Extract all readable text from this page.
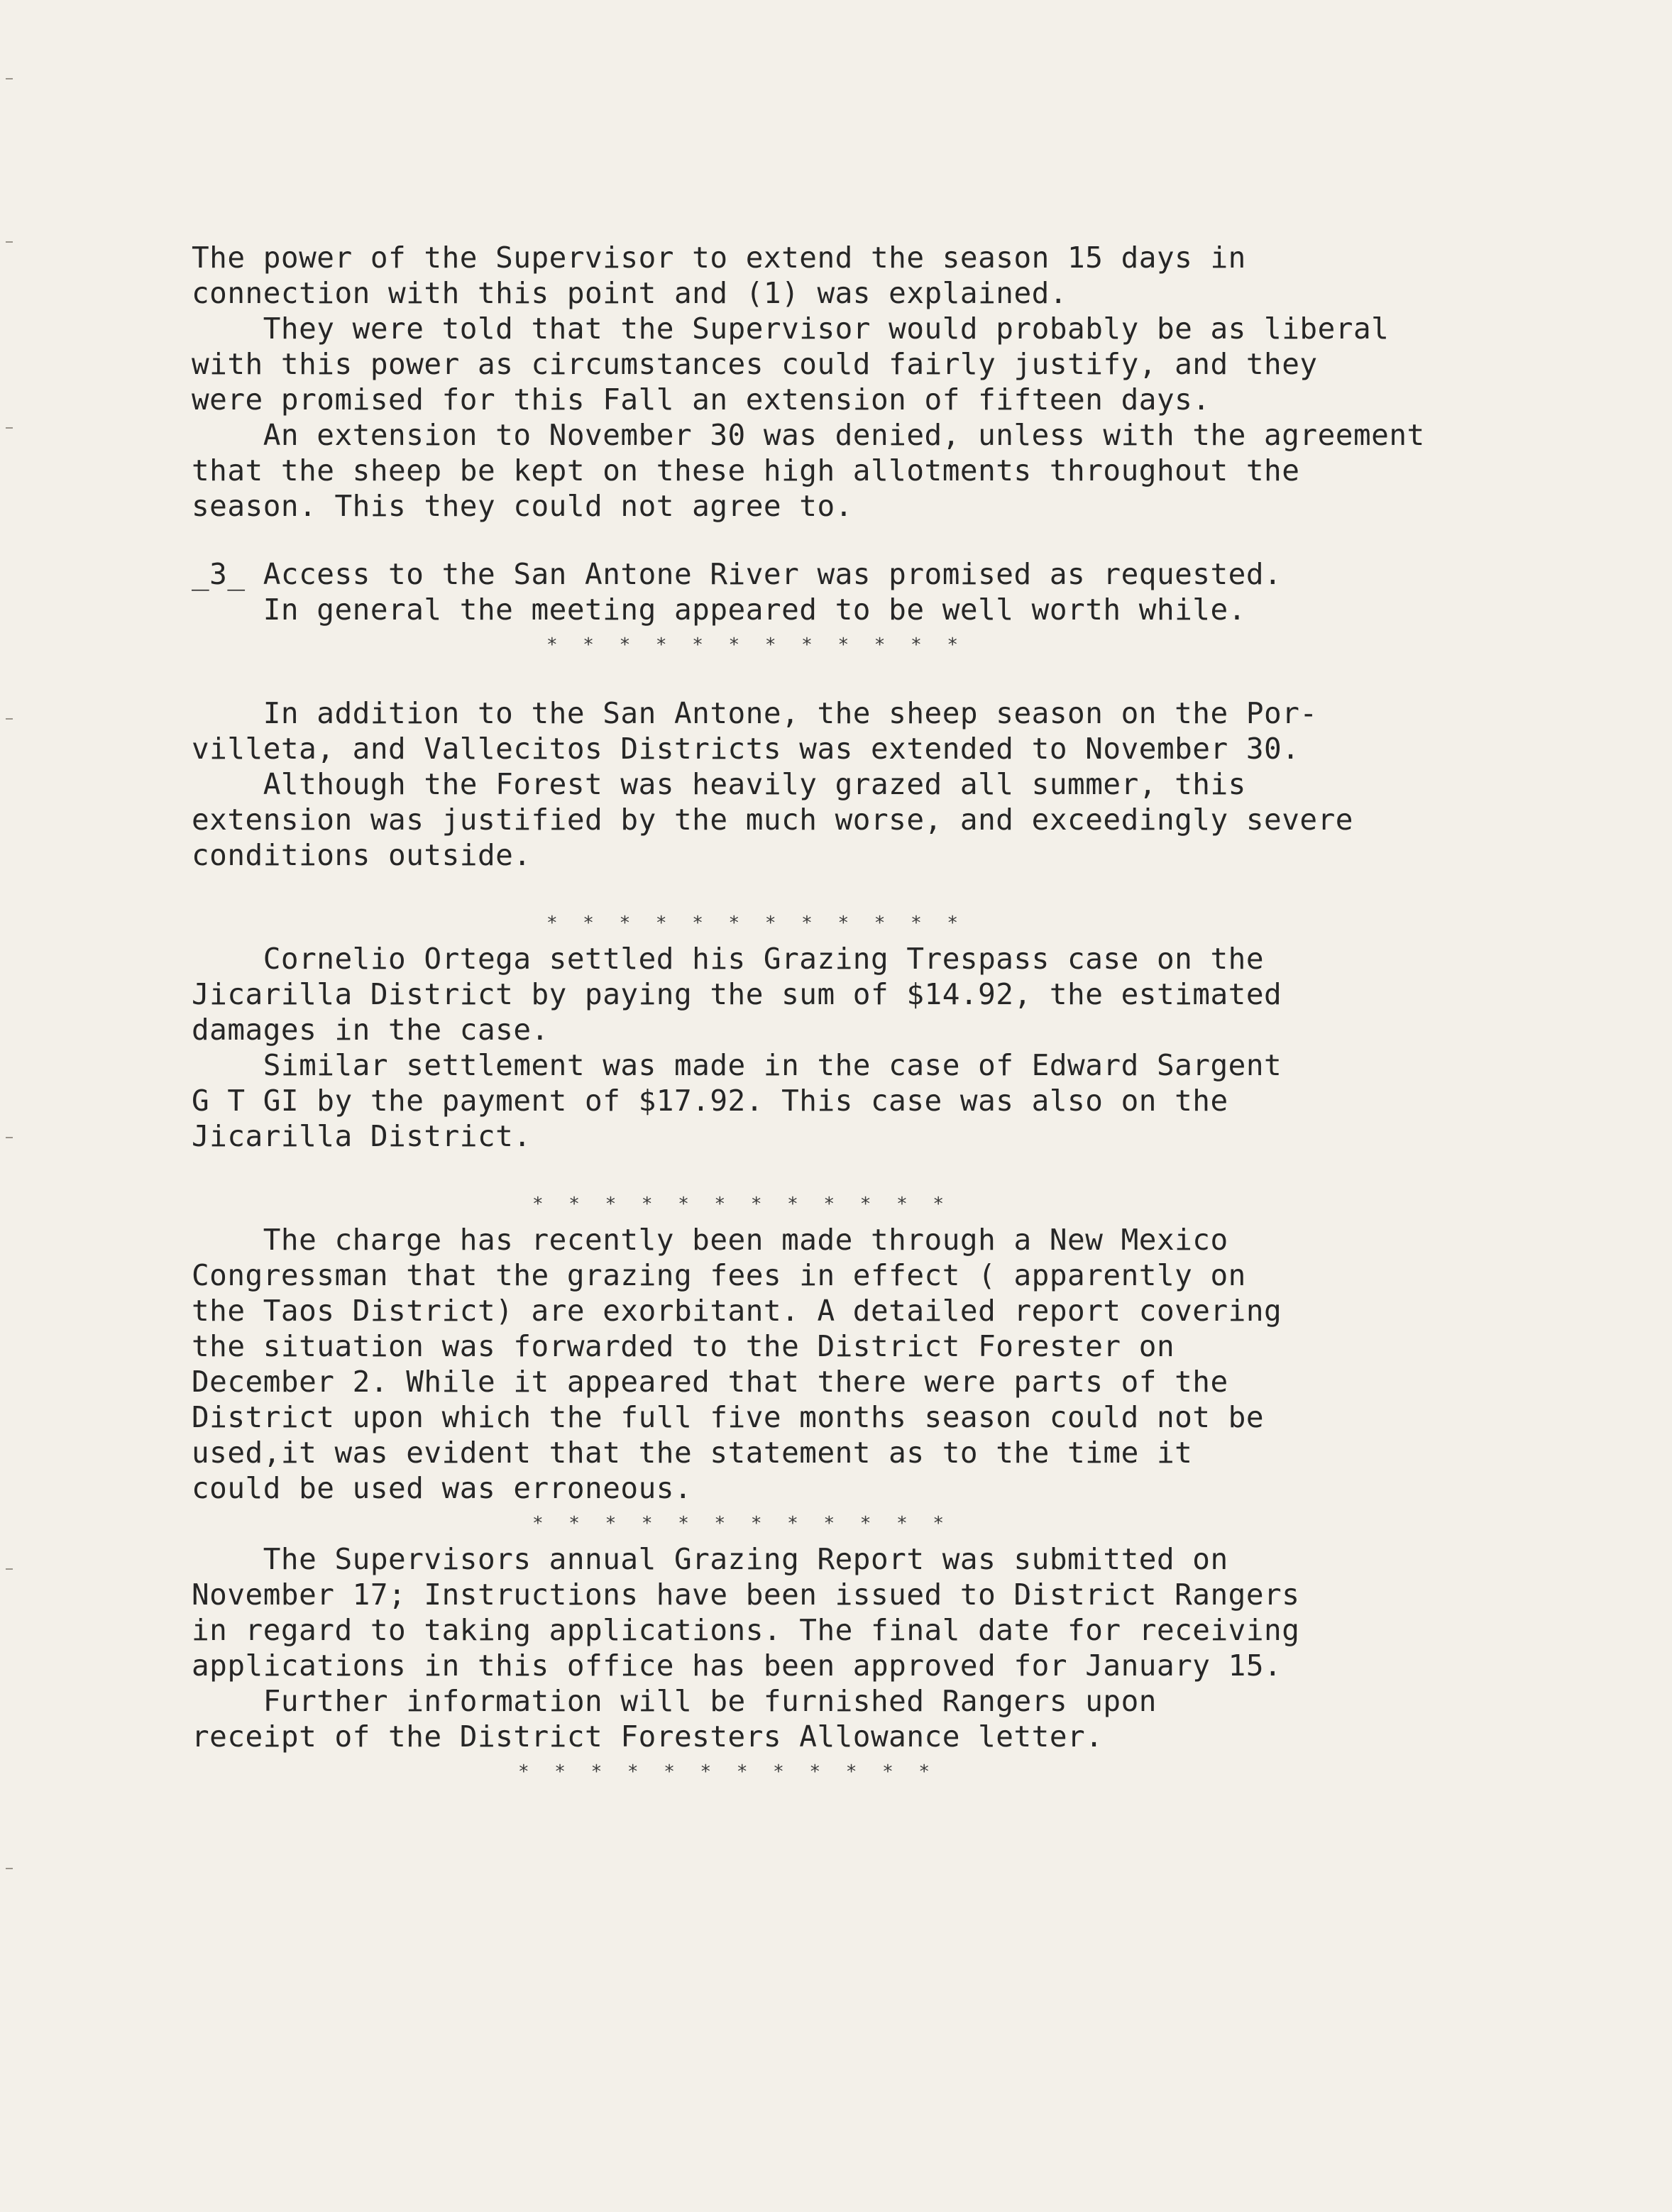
The power of the Supervisor to extend the season 15 days in
connection with this point and (1) was explained.
They were told that the Supervisor would probably be as liberal
with this power as circumstances could fairly justify, and they
were promised for this Fall an extension of fifteen days.
An extension to November 30 was denied, unless with the agreement
that the sheep be kept on these high allotments throughout the
season. This they could not agree to.
_3_ Access to the San Antone River was promised as requested.
In general the meeting appeared to be well worth while.
* * * * * * * * * * * *
In addition to the San Antone, the sheep season on the Por-
villeta, and Vallecitos Districts was extended to November 30.
Although the Forest was heavily grazed all summer, this
extension was justified by the much worse, and exceedingly severe
conditions outside.
* * * * * * * * * * * *
Cornelio Ortega settled his Grazing Trespass case on the
Jicarilla District by paying the sum of $14.92, the estimated
damages in the case.
Similar settlement was made in the case of Edward Sargent
G T GI by the payment of $17.92. This case was also on the
Jicarilla District.
* * * * * * * * * * * *
The charge has recently been made through a New Mexico
Congressman that the grazing fees in effect ( apparently on
the Taos District) are exorbitant. A detailed report covering
the situation was forwarded to the District Forester on
December 2. While it appeared that there were parts of the
District upon which the full five months season could not be
used,it was evident that the statement as to the time it
could be used was erroneous.
* * * * * * * * * * * *
The Supervisors annual Grazing Report was submitted on
November 17; Instructions have been issued to District Rangers
in regard to taking applications. The final date for receiving
applications in this office has been approved for January 15.
Further information will be furnished Rangers upon
receipt of the District Foresters Allowance letter.
* * * * * * * * * * * *
